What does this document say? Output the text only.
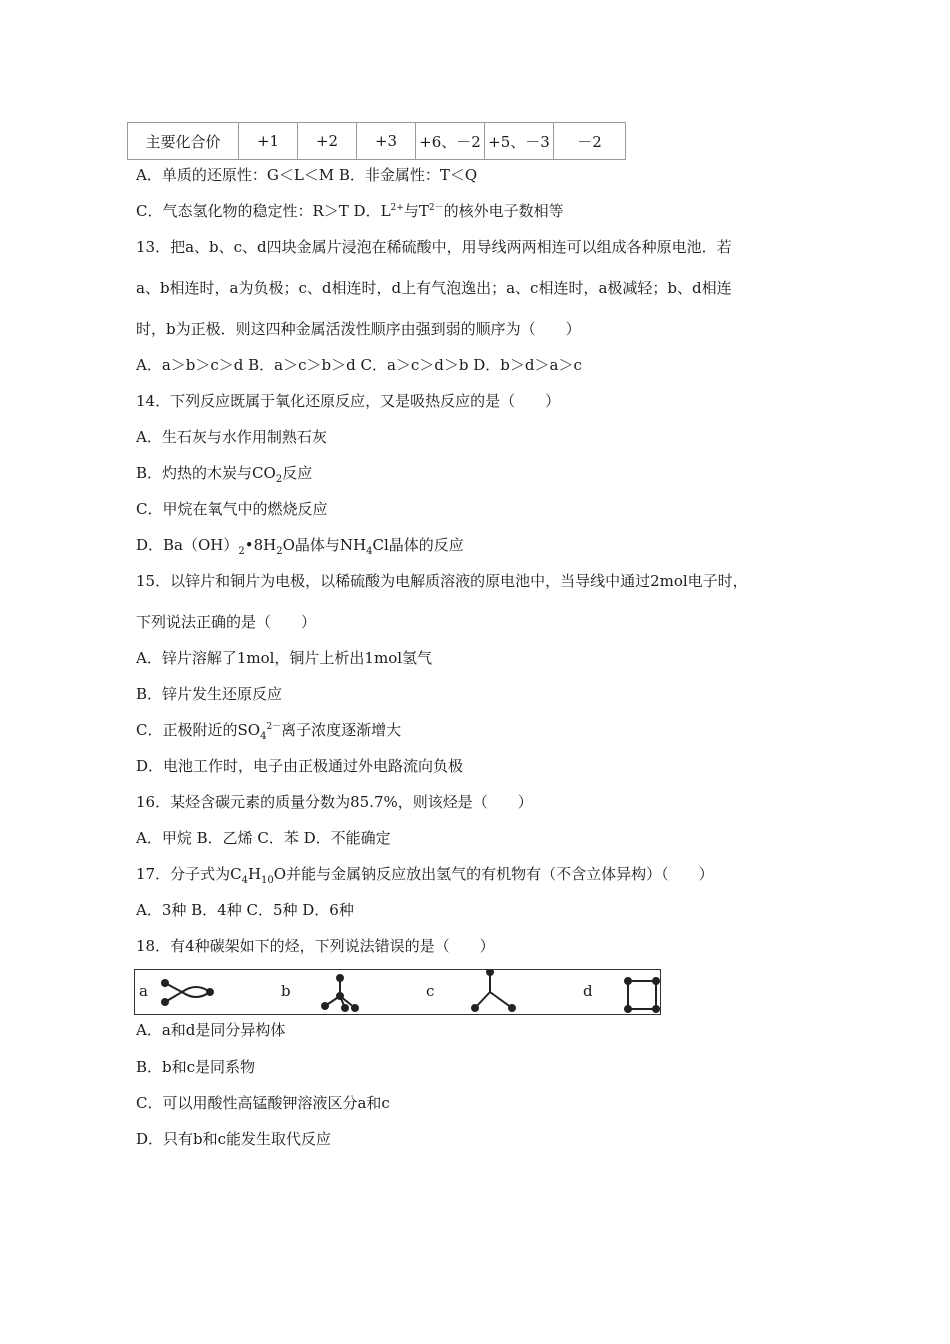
主要化合价	+1	+2	+3	+6、－2	+5、－3	－2
A．单质的还原性：G＜L＜M B．非金属性：T＜Q
C．气态氢化物的稳定性：R＞T D．$L^{2+}$与$T^{2-}$的核外电子数相等
13．把a、b、c、d四块金属片浸泡在稀硫酸中，用导线两两相连可以组成各种原电池．若
a、b相连时，a为负极；c、d相连时，d上有气泡逸出；a、c相连时，a极减轻；b、d相连
时，b为正极．则这四种金属活泼性顺序由强到弱的顺序为（　　）
A．a＞b＞c＞d B．a＞c＞b＞d C．a＞c＞d＞b D．b＞d＞a＞c
14．下列反应既属于氧化还原反应，又是吸热反应的是（　　）
A．生石灰与水作用制熟石灰
B．灼热的木炭与$CO_2$反应
C．甲烷在氧气中的燃烧反应
D．$Ba(OH)_2•8H_2O$晶体与$NH_4Cl$晶体的反应
15．以锌片和铜片为电极，以稀硫酸为电解质溶液的原电池中，当导线中通过2mol电子时，
下列说法正确的是（　　）
A．锌片溶解了1mol，铜片上析出1mol氢气
B．锌片发生还原反应
C．正极附近的$SO_4^{2-}$离子浓度逐渐增大
D．电池工作时，电子由正极通过外电路流向负极
16．某烃含碳元素的质量分数为85.7%，则该烃是（　　）
A．甲烷 B．乙烯 C．苯 D．不能确定
17．分子式为$C_4H_{10}O$并能与金属钠反应放出氢气的有机物有（不含立体异构）（　　）
A．3种 B．4种 C．5种 D．6种
18．有4种碳架如下的烃，下列说法错误的是（　　）
a	b	c	d
A．a和d是同分异构体
B．b和c是同系物
C．可以用酸性高锰酸钾溶液区分a和c
D．只有b和c能发生取代反应
